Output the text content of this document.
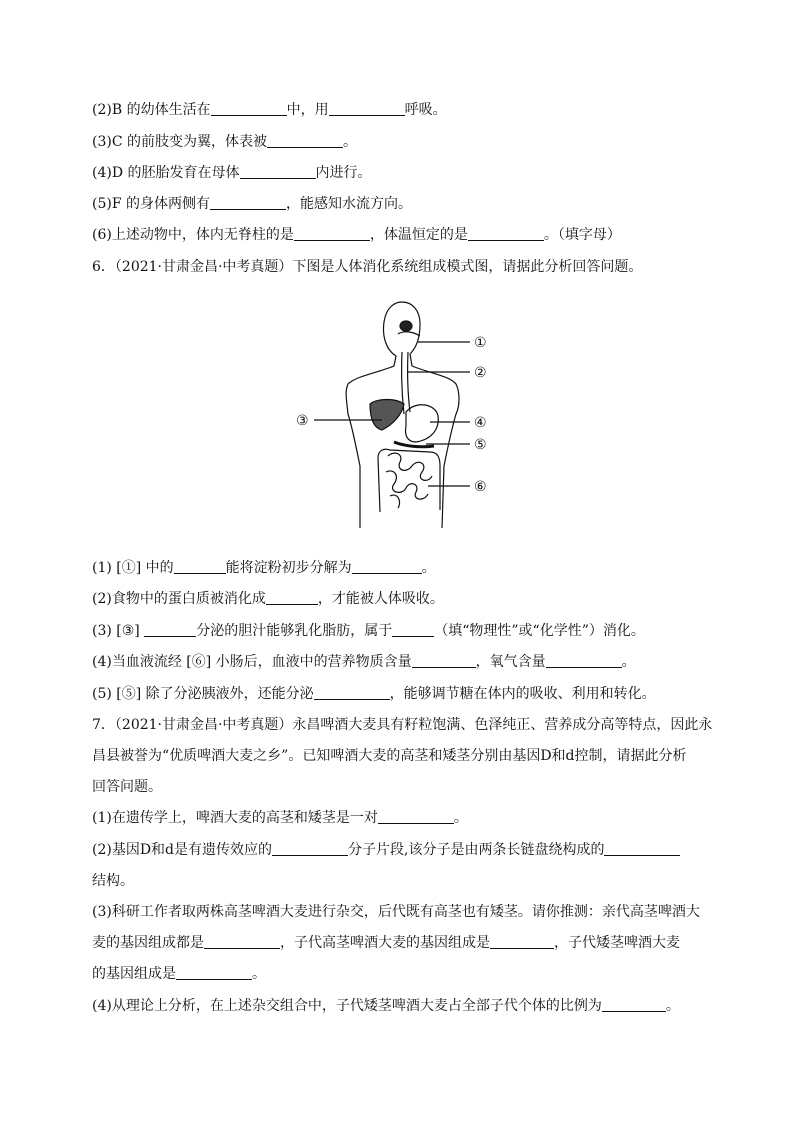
(2)B 的幼体生活在	中，用	呼吸。
(3)C 的前肢变为翼，体表被	。
(4)D 的胚胎发育在母体	内进行。
(5)F 的身体两侧有	，能感知水流方向。
(6)上述动物中，体内无脊柱的是	，体温恒定的是	。（填字母）
6．（2021·甘肃金昌·中考真题）下图是人体消化系统组成模式图，请据此分析回答问题。
①
②
③	④
⑤
⑥
(1) [①] 中的	能将淀粉初步分解为	。
(2)食物中的蛋白质被消化成	，才能被人体吸收。
(3) [③]	分泌的胆汁能够乳化脂肪，属于	（填“物理性”或“化学性”）消化。
(4)当血液流经 [⑥] 小肠后，血液中的营养物质含量	，氧气含量	。
(5) [⑤] 除了分泌胰液外，还能分泌	，能够调节糖在体内的吸收、利用和转化。
7．（2021·甘肃金昌·中考真题）永昌啤酒大麦具有籽粒饱满、色泽纯正、营养成分高等特点，因此永
昌县被誉为“优质啤酒大麦之乡”。已知啤酒大麦的高茎和矮茎分别由基因D和d控制，请据此分析
回答问题。
(1)在遗传学上，啤酒大麦的高茎和矮茎是一对	。
(2)基因D和d是有遗传效应的	分子片段,该分子是由两条长链盘绕构成的
结构。
(3)科研工作者取两株高茎啤酒大麦进行杂交，后代既有高茎也有矮茎。请你推测：亲代高茎啤酒大
麦的基因组成都是	，子代高茎啤酒大麦的基因组成是	，子代矮茎啤酒大麦
的基因组成是	。
(4)从理论上分析，在上述杂交组合中，子代矮茎啤酒大麦占全部子代个体的比例为	。
